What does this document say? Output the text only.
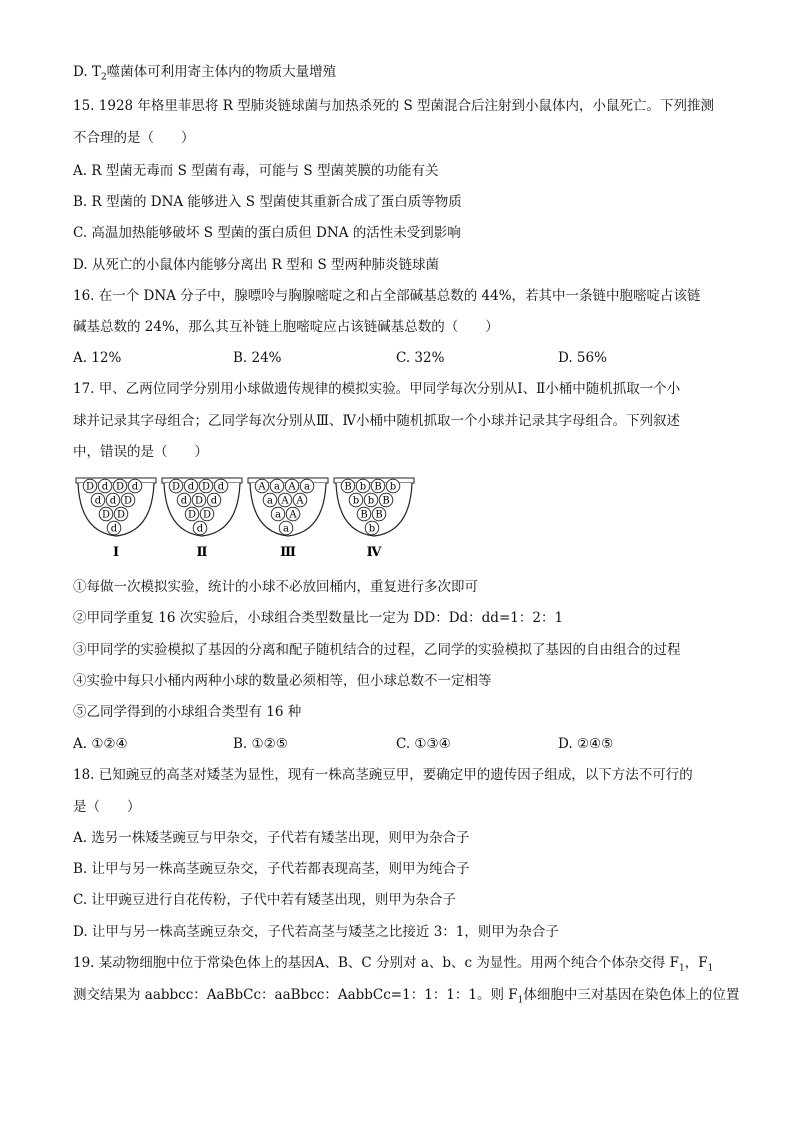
D. $T_2$噬菌体可利用寄主体内的物质大量增殖
15. 1928 年格里菲思将 R 型肺炎链球菌与加热杀死的 S 型菌混合后注射到小鼠体内，小鼠死亡。下列推测
不合理的是（　　）
A. R 型菌无毒而 S 型菌有毒，可能与 S 型菌荚膜的功能有关
B. R 型菌的 DNA 能够进入 S 型菌使其重新合成了蛋白质等物质
C. 高温加热能够破坏 S 型菌的蛋白质但 DNA 的活性未受到影响
D. 从死亡的小鼠体内能够分离出 R 型和 S 型两种肺炎链球菌
16. 在一个 DNA 分子中，腺嘌呤与胸腺嘧啶之和占全部碱基总数的 44%，若其中一条链中胞嘧啶占该链
碱基总数的 24%，那么其互补链上胞嘧啶应占该链碱基总数的（　　）
A. 12%	B. 24%	C. 32%	D. 56%
17. 甲、乙两位同学分别用小球做遗传规律的模拟实验。甲同学每次分别从Ⅰ、Ⅱ小桶中随机抓取一个小
球并记录其字母组合；乙同学每次分别从Ⅲ、Ⅳ小桶中随机抓取一个小球并记录其字母组合。下列叙述
中，错误的是（　　）
D d D d
d d D
D D
d
Ⅰ
D d D d
d D d
D D
d
Ⅱ
A a A a
a A A
a A
a
Ⅲ
B b B b
b b B
B B
b
Ⅳ
①每做一次模拟实验，统计的小球不必放回桶内，重复进行多次即可
②甲同学重复 16 次实验后，小球组合类型数量比一定为 DD：Dd：dd=1：2：1
③甲同学的实验模拟了基因的分离和配子随机结合的过程，乙同学的实验模拟了基因的自由组合的过程
④实验中每只小桶内两种小球的数量必须相等，但小球总数不一定相等
⑤乙同学得到的小球组合类型有 16 种
A. ①②④	B. ①②⑤	C. ①③④	D. ②④⑤
18. 已知豌豆的高茎对矮茎为显性，现有一株高茎豌豆甲，要确定甲的遗传因子组成，以下方法不可行的
是（　　）
A. 选另一株矮茎豌豆与甲杂交，子代若有矮茎出现，则甲为杂合子
B. 让甲与另一株高茎豌豆杂交，子代若都表现高茎，则甲为纯合子
C. 让甲豌豆进行自花传粉，子代中若有矮茎出现，则甲为杂合子
D. 让甲与另一株高茎豌豆杂交，子代若高茎与矮茎之比接近 3：1，则甲为杂合子
19. 某动物细胞中位于常染色体上的基因A、B、C 分别对 a、b、c 为显性。用两个纯合个体杂交得 $F_1$，$F_1$
测交结果为 aabbcc：AaBbCc：aaBbcc：AabbCc=1：1：1：1。则 $F_1$体细胞中三对基因在染色体上的位置
